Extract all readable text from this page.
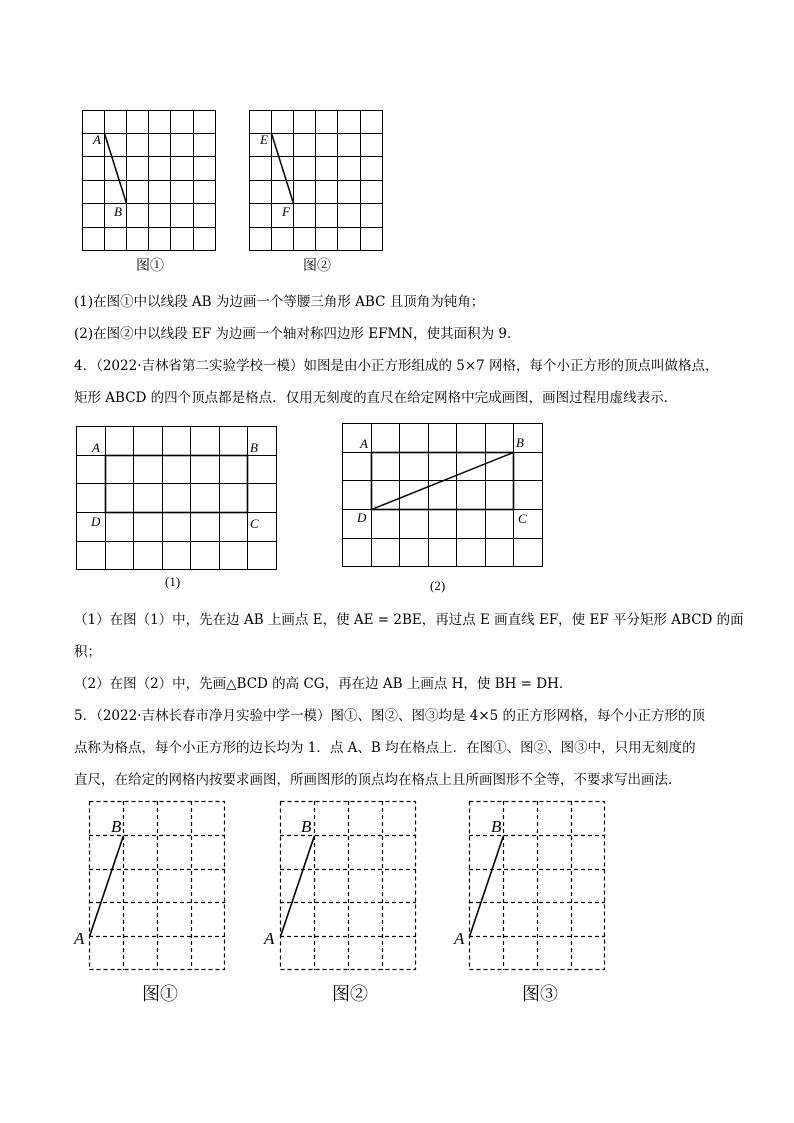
A
B
图①
E
F
图②
(1)在图①中以线段 AB 为边画一个等腰三角形 ABC 且顶角为钝角；
(2)在图②中以线段 EF 为边画一个轴对称四边形 EFMN，使其面积为 9．
4．（2022·吉林省第二实验学校一模）如图是由小正方形组成的 5×7 网格，每个小正方形的顶点叫做格点，
矩形 ABCD 的四个顶点都是格点．仅用无刻度的直尺在给定网格中完成画图，画图过程用虚线表示．
A	B
C
D
(1)
A	B
C
D
(2)
（1）在图（1）中，先在边 AB 上画点 E，使 AE = 2BE，再过点 E 画直线 EF，使 EF 平分矩形 ABCD 的面
积；
（2）在图（2）中，先画△BCD 的高 CG，再在边 AB 上画点 H，使 BH = DH．
5．（2022·吉林长春市净月实验中学一模）图①、图②、图③均是 4×5 的正方形网格，每个小正方形的顶
点称为格点，每个小正方形的边长均为 1．点 A、B 均在格点上．在图①、图②、图③中，只用无刻度的
直尺，在给定的网格内按要求画图，所画图形的顶点均在格点上且所画图形不全等，不要求写出画法．
A
B
图①
A
B
图②
A
B
图③
